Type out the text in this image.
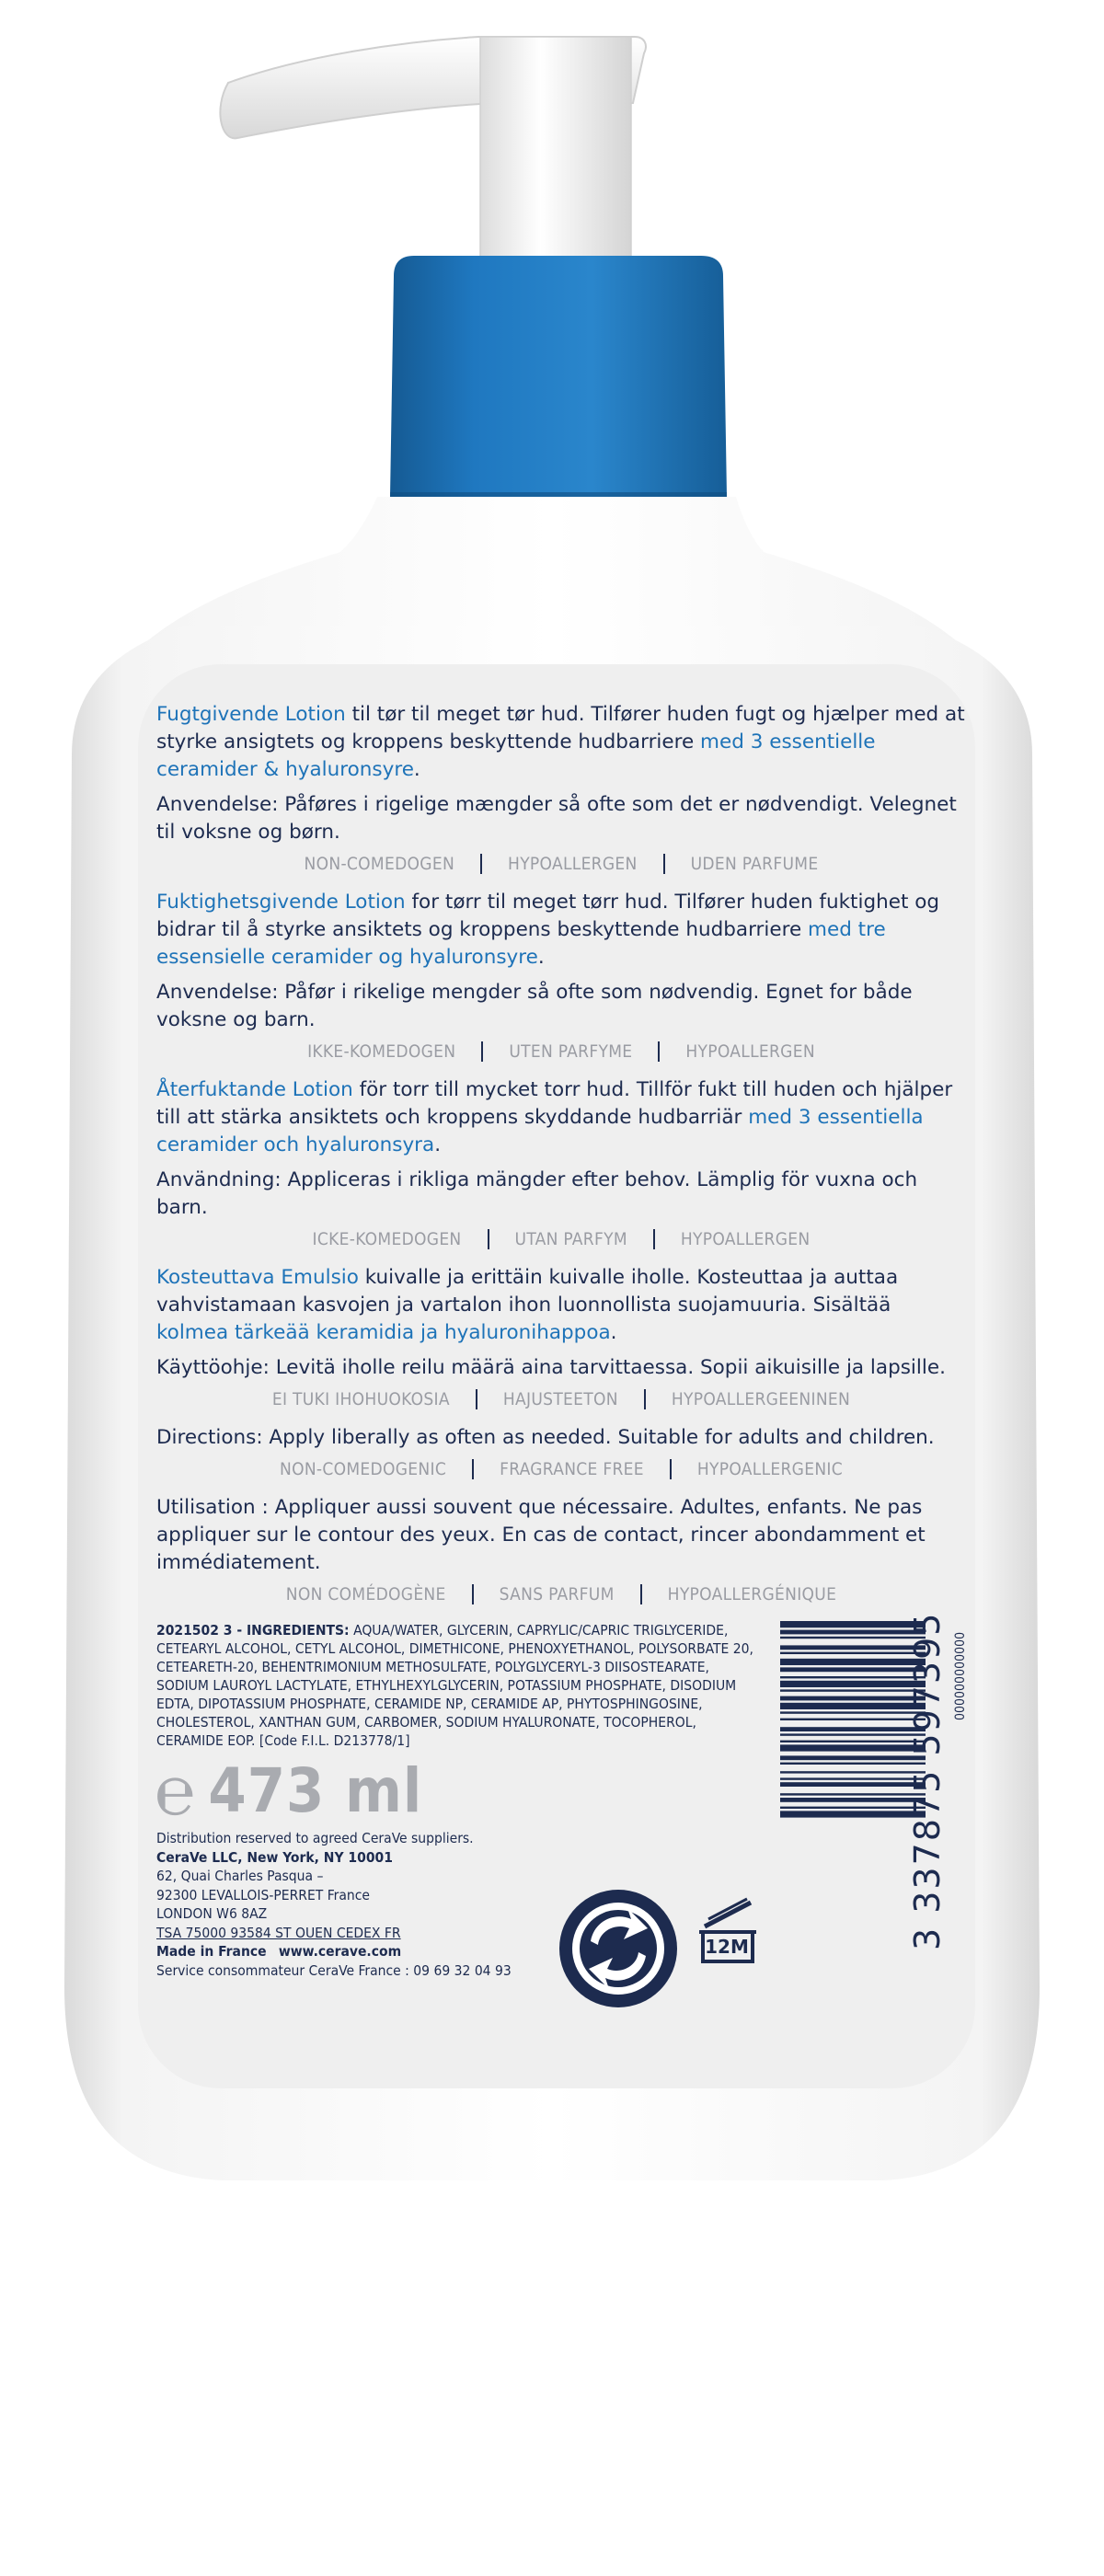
Fugtgivende Lotion til tør til meget tør hud. Tilfører huden fugt og hjælper med at styrke ansigtets og kroppens beskyttende hudbarriere med 3 essentielle ceramider & hyaluronsyre.

Anvendelse: Påføres i rigelige mængder så ofte som det er nødvendigt. Velegnet til voksne og børn.

NON-COMEDOGEN	HYPOALLERGEN	UDEN PARFUME

Fuktighetsgivende Lotion for tørr til meget tørr hud. Tilfører huden fuktighet og bidrar til å styrke ansiktets og kroppens beskyttende hudbarriere med tre essensielle ceramider og hyaluronsyre.

Anvendelse: Påfør i rikelige mengder så ofte som nødvendig. Egnet for både voksne og barn.

IKKE-KOMEDOGEN	UTEN PARFYME	HYPOALLERGEN

Återfuktande Lotion för torr till mycket torr hud. Tillför fukt till huden och hjälper till att stärka ansiktets och kroppens skyddande hudbarriär med 3 essentiella ceramider och hyaluronsyra.

Användning: Appliceras i rikliga mängder efter behov. Lämplig för vuxna och barn.

ICKE-KOMEDOGEN	UTAN PARFYM	HYPOALLERGEN

Kosteuttava Emulsio kuivalle ja erittäin kuivalle iholle. Kosteuttaa ja auttaa vahvistamaan kasvojen ja vartalon ihon luonnollista suojamuuria. Sisältää kolmea tärkeää keramidia ja hyaluronihappoa.

Käyttöohje: Levitä iholle reilu määrä aina tarvittaessa. Sopii aikuisille ja lapsille.

EI TUKI IHOHUOKOSIA	HAJUSTEETON	HYPOALLERGEENINEN

Directions: Apply liberally as often as needed. Suitable for adults and children.

NON-COMEDOGENIC	FRAGRANCE FREE	HYPOALLERGENIC

Utilisation : Appliquer aussi souvent que nécessaire. Adultes, enfants. Ne pas appliquer sur le contour des yeux. En cas de contact, rincer abondamment et immédiatement.

NON COMÉDOGÈNE	SANS PARFUM	HYPOALLERGÉNIQUE
2021502 3 - INGREDIENTS: AQUA/WATER, GLYCERIN, CAPRYLIC/CAPRIC TRIGLYCERIDE, CETEARYL ALCOHOL, CETYL ALCOHOL, DIMETHICONE, PHENOXYETHANOL, POLYSORBATE 20, CETEARETH-20, BEHENTRIMONIUM METHOSULFATE, POLYGLYCERYL-3 DIISOSTEARATE, SODIUM LAUROYL LACTYLATE, ETHYLHEXYLGLYCERIN, POTASSIUM PHOSPHATE, DISODIUM EDTA, DIPOTASSIUM PHOSPHATE, CERAMIDE NP, CERAMIDE AP, PHYTOSPHINGOSINE, CHOLESTEROL, XANTHAN GUM, CARBOMER, SODIUM HYALURONATE, TOCOPHEROL, CERAMIDE EOP. [Code F.I.L. D213778/1]
℮ 473 ml
Distribution reserved to agreed CeraVe suppliers.
CeraVe LLC, New York, NY 10001
62, Quai Charles Pasqua –
92300 LEVALLOIS-PERRET France
LONDON W6 8AZ
TSA 75000 93584 ST OUEN CEDEX FR
Made in France www.cerave.com
Service consommateur CeraVe France : 09 69 32 04 93
3 337875 597395 000000000000
12M
